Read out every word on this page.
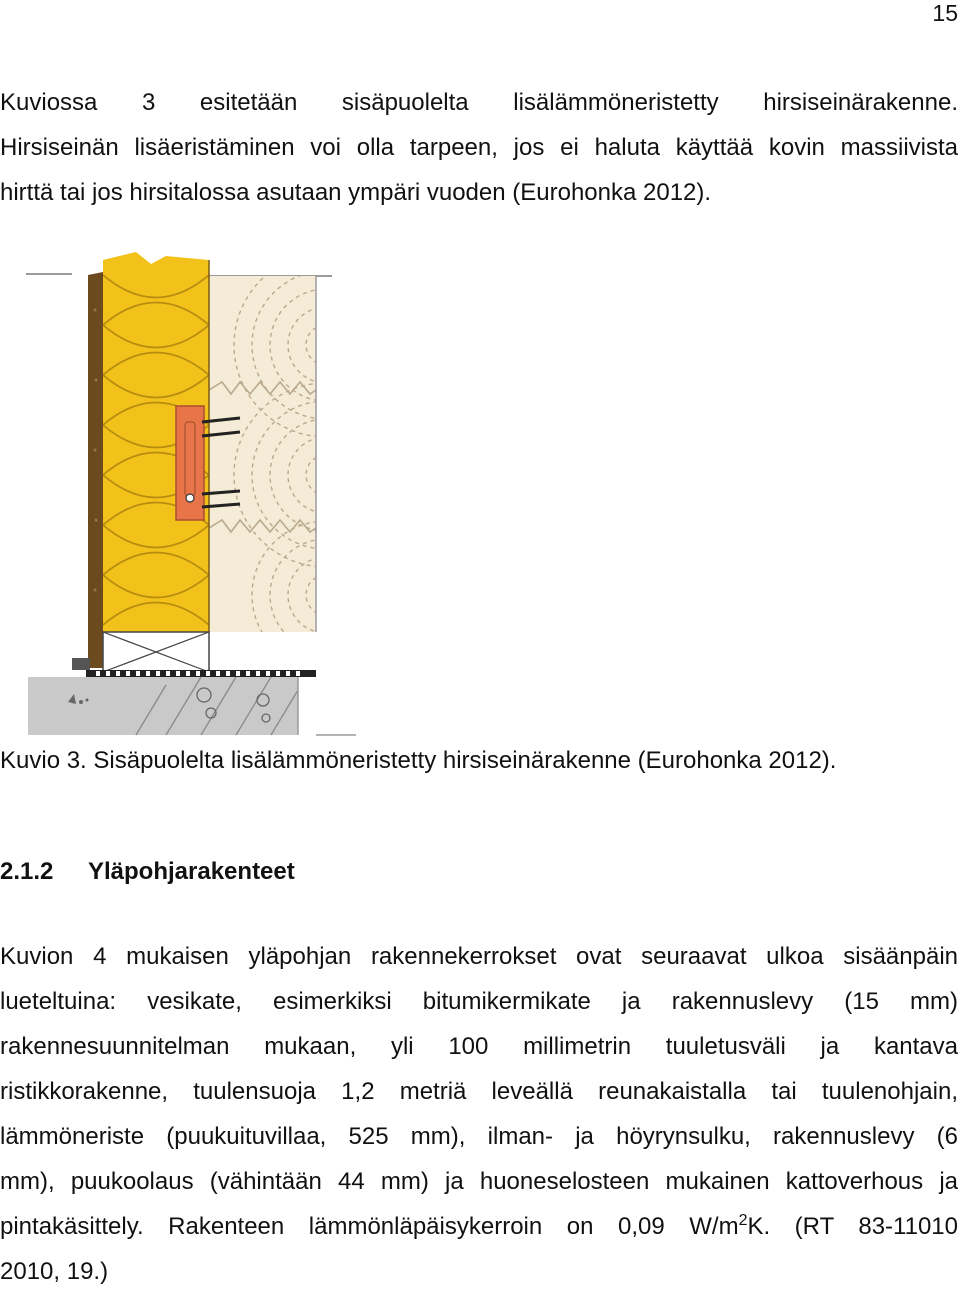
15
Kuviossa 3 esitetään sisäpuolelta lisälämmöneristetty hirsiseinärakenne.
Hirsiseinän lisäeristäminen voi olla tarpeen, jos ei haluta käyttää kovin massiivista
hirttä tai jos hirsitalossa asutaan ympäri vuoden (Eurohonka 2012).

Kuvio 3. Sisäpuolelta lisälämmöneristetty hirsiseinärakenne (Eurohonka 2012).

2.1.2 Yläpohjarakenteet
Kuvion 4 mukaisen yläpohjan rakennekerrokset ovat seuraavat ulkoa sisäänpäin
lueteltuina: vesikate, esimerkiksi bitumikermikate ja rakennuslevy (15 mm)
rakennesuunnitelman mukaan, yli 100 millimetrin tuuletusväli ja kantava
ristikkorakenne, tuulensuoja 1,2 metriä leveällä reunakaistalla tai tuulenohjain,
lämmöneriste (puukuituvillaa, 525 mm), ilman- ja höyrynsulku, rakennuslevy (6
mm), puukoolaus (vähintään 44 mm) ja huoneselosteen mukainen kattoverhous ja
pintakäsittely. Rakenteen lämmönläpäisykerroin on 0,09 $W/m^2K$. (RT 83-11010
2010, 19.)
